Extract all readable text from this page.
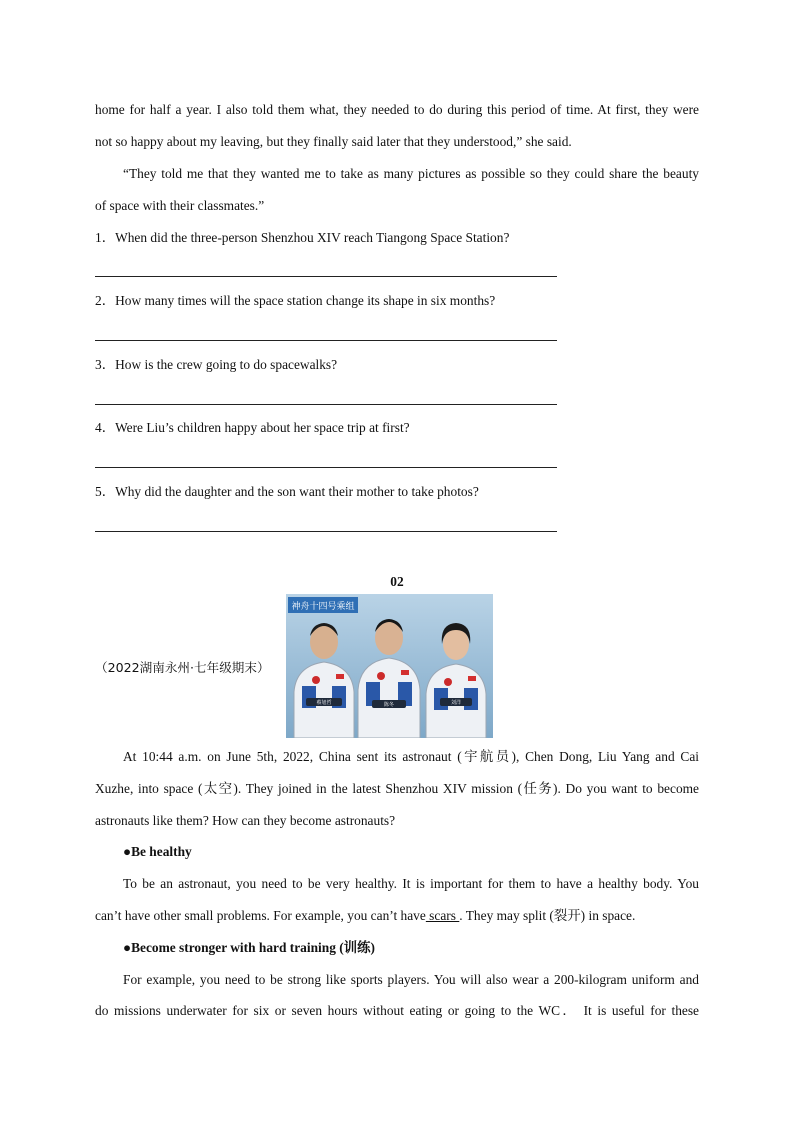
home for half a year. I also told them what, they needed to do during this period of time. At first, they were
not so happy about my leaving, but they finally said later that they understood,” she said.
“They told me that they wanted me to take as many pictures as possible so they could share the beauty
of space with their classmates.”
1．When did the three-person Shenzhou XIV reach Tiangong Space Station?
2．How many times will the space station change its shape in six months?
3．How is the crew going to do spacewalks?
4．Were Liu’s children happy about her space trip at first?
5．Why did the daughter and the son want their mother to take photos?
02
（2022湖南永州·七年级期末）
神舟十四号乘组
蔡旭哲	陈冬	刘洋
At 10:44 a.m. on June 5th, 2022, China sent its astronaut (宇航员), Chen Dong, Liu Yang and Cai
Xuzhe, into space (太空). They joined in the latest Shenzhou XIV mission (任务). Do you want to become
astronauts like them? How can they become astronauts?
●Be healthy
To be an astronaut, you need to be very healthy. It is important for them to have a healthy body. You
can’t have other small problems. For example, you can’t have scars . They may split (裂开) in space.
●Become stronger with hard training (训练)
For example, you need to be strong like sports players. You will also wear a 200-kilogram uniform and
do missions underwater for six or seven hours without eating or going to the WC． It is useful for these
